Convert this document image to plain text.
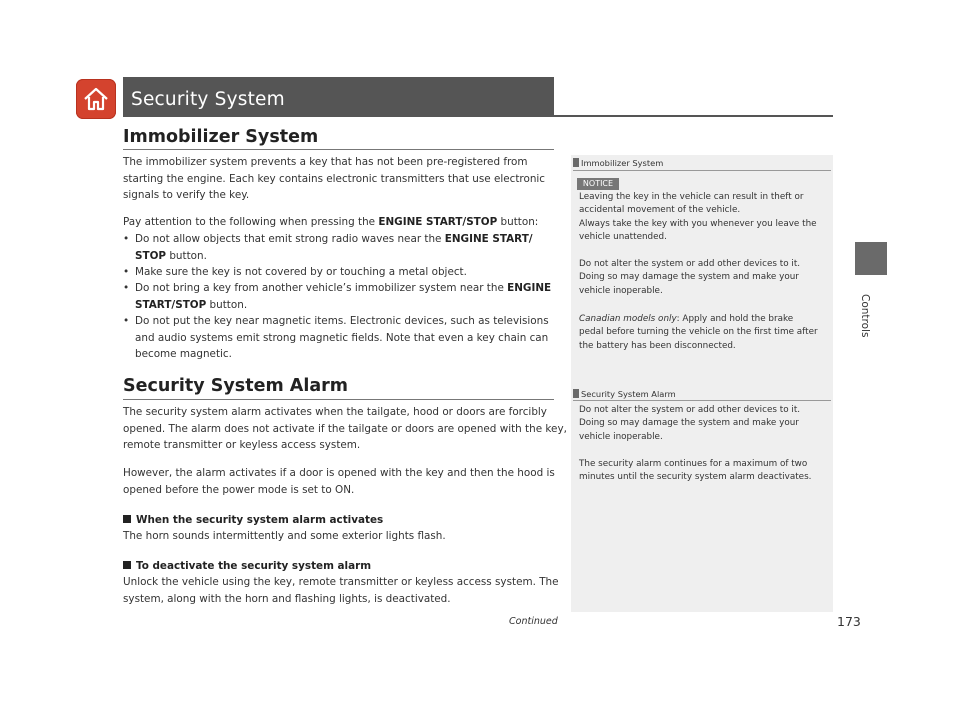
Security System
Controls
Immobilizer System
The immobilizer system prevents a key that has not been pre-registered from
starting the engine. Each key contains electronic transmitters that use electronic
signals to verify the key.
Pay attention to the following when pressing the ENGINE START/STOP button:
• Do not allow objects that emit strong radio waves near the ENGINE START/
STOP button.
• Make sure the key is not covered by or touching a metal object.
• Do not bring a key from another vehicle’s immobilizer system near the ENGINE
START/STOP button.
• Do not put the key near magnetic items. Electronic devices, such as televisions
and audio systems emit strong magnetic fields. Note that even a key chain can
become magnetic.
Security System Alarm
The security system alarm activates when the tailgate, hood or doors are forcibly
opened. The alarm does not activate if the tailgate or doors are opened with the key,
remote transmitter or keyless access system.
However, the alarm activates if a door is opened with the key and then the hood is
opened before the power mode is set to ON.
When the security system alarm activates
The horn sounds intermittently and some exterior lights flash.
To deactivate the security system alarm
Unlock the vehicle using the key, remote transmitter or keyless access system. The
system, along with the horn and flashing lights, is deactivated.
Immobilizer System
NOTICE
Leaving the key in the vehicle can result in theft or
accidental movement of the vehicle.
Always take the key with you whenever you leave the
vehicle unattended.
Do not alter the system or add other devices to it.
Doing so may damage the system and make your
vehicle inoperable.
Canadian models only: Apply and hold the brake
pedal before turning the vehicle on the first time after
the battery has been disconnected.
Security System Alarm
Do not alter the system or add other devices to it.
Doing so may damage the system and make your
vehicle inoperable.
The security alarm continues for a maximum of two
minutes until the security system alarm deactivates.
Continued	173
